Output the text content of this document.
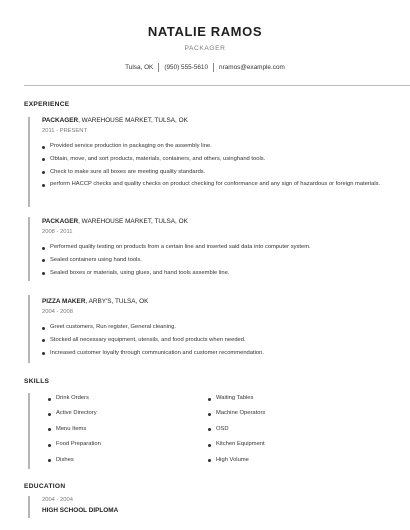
NATALIE RAMOS
PACKAGER
Tulsa, OK (950) 555-5610 nramos@example.com
EXPERIENCE
PACKAGER, WAREHOUSE MARKET, TULSA, OK
2011 - PRESENT
Provided service production in packaging on the assembly line.
Obtain, move, and sort products, materials, containers, and others, usinghand tools.
Check to make sure all boxes are meeting quality standards.
perform HACCP checks and quality checks on product checking for conformance and any sign of hazardous or foreign materials.
PACKAGER, WAREHOUSE MARKET, TULSA, OK
2008 - 2011
Performed quality testing on products from a certain line and inserted said data into computer system.
Sealed containers using hand tools.
Sealed boxes or materials, using glues, and hand tools assemble line.
PIZZA MAKER, ARBY'S, TULSA, OK
2004 - 2008
Greet customers, Run register, General cleaning.
Stocked all necessary equipment, utensils, and food products when needed.
Increased customer loyalty through communication and customer recommendation.
SKILLS
Drink Orders
Active Directory
Menu Items
Food Preparation
Dishes
Waiting Tables
Machine Operators
OSD
Kitchen Equipment
High Volume
EDUCATION
2004 - 2004
HIGH SCHOOL DIPLOMA
